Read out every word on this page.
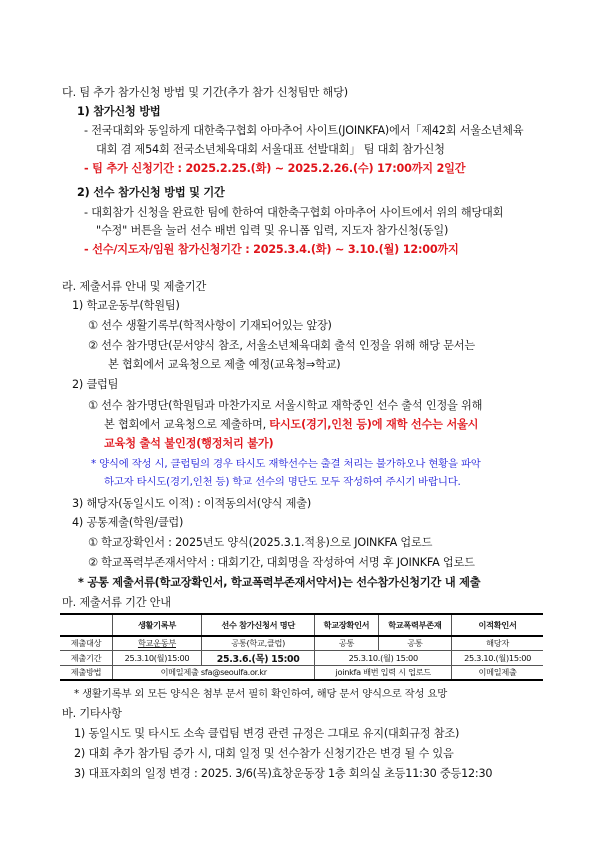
다. 팀 추가 참가신청 방법 및 기간(추가 참가 신청팀만 해당)
1) 참가신청 방법
- 전국대회와 동일하게 대한축구협회 아마추어 사이트(JOINKFA)에서「제42회 서울소년체육
대회 겸 제54회 전국소년체육대회 서울대표 선발대회」 팀 대회 참가신청
- 팀 추가 신청기간 : 2025.2.25.(화) ~ 2025.2.26.(수) 17:00까지 2일간
2) 선수 참가신청 방법 및 기간
- 대회참가 신청을 완료한 팀에 한하여 대한축구협회 아마추어 사이트에서 위의 해당대회
"수정" 버튼을 눌러 선수 배번 입력 및 유니폼 입력, 지도자 참가신청(동일)
- 선수/지도자/임원 참가신청기간 : 2025.3.4.(화) ~ 3.10.(월) 12:00까지
라. 제출서류 안내 및 제출기간
1) 학교운동부(학원팀)
① 선수 생활기록부(학적사항이 기재되어있는 앞장)
② 선수 참가명단(문서양식 참조, 서울소년체육대회 출석 인정을 위해 해당 문서는
본 협회에서 교육청으로 제출 예정(교육청⇒학교)
2) 클럽팀
① 선수 참가명단(학원팀과 마찬가지로 서울시학교 재학중인 선수 출석 인정을 위해
본 협회에서 교육청으로 제출하며, 타시도(경기,인천 등)에 재학 선수는 서울시
교육청 출석 불인정(행정처리 불가)
* 양식에 작성 시, 클럽팀의 경우 타시도 재학선수는 출결 처리는 불가하오나 현황을 파악
하고자 타시도(경기,인천 등) 학교 선수의 명단도 모두 작성하여 주시기 바랍니다.
3) 해당자(동일시도 이적) : 이적동의서(양식 제출)
4) 공통제출(학원/클럽)
① 학교장확인서 : 2025년도 양식(2025.3.1.적용)으로 JOINKFA 업로드
② 학교폭력부존재서약서 : 대회기간, 대회명을 작성하여 서명 후 JOINKFA 업로드
* 공통 제출서류(학교장확인서, 학교폭력부존재서약서)는 선수참가신청기간 내 제출
마. 제출서류 기간 안내
	생활기록부	선수 참가신청서 명단	학교장확인서	학교폭력부존재	이적확인서
제출대상	학교운동부	공통(학교,클럽)	공통	공통	해당자
제출기간	25.3.10(월)15:00	25.3.6.(목) 15:00	25.3.10.(월) 15:00		25.3.10.(월)15:00
제출방법	이메일제출 sfa@seoulfa.or.kr		joinkfa 배번 입력 시 업로드		이메일제출
* 생활기록부 외 모든 양식은 첨부 문서 필히 확인하여, 해당 문서 양식으로 작성 요망
바. 기타사항
1) 동일시도 및 타시도 소속 클럽팀 변경 관련 규정은 그대로 유지(대회규정 참조)
2) 대회 추가 참가팀 증가 시, 대회 일정 및 선수참가 신청기간은 변경 될 수 있음
3) 대표자회의 일정 변경 : 2025. 3/6(목)효창운동장 1층 회의실 초등11:30 중등12:30
